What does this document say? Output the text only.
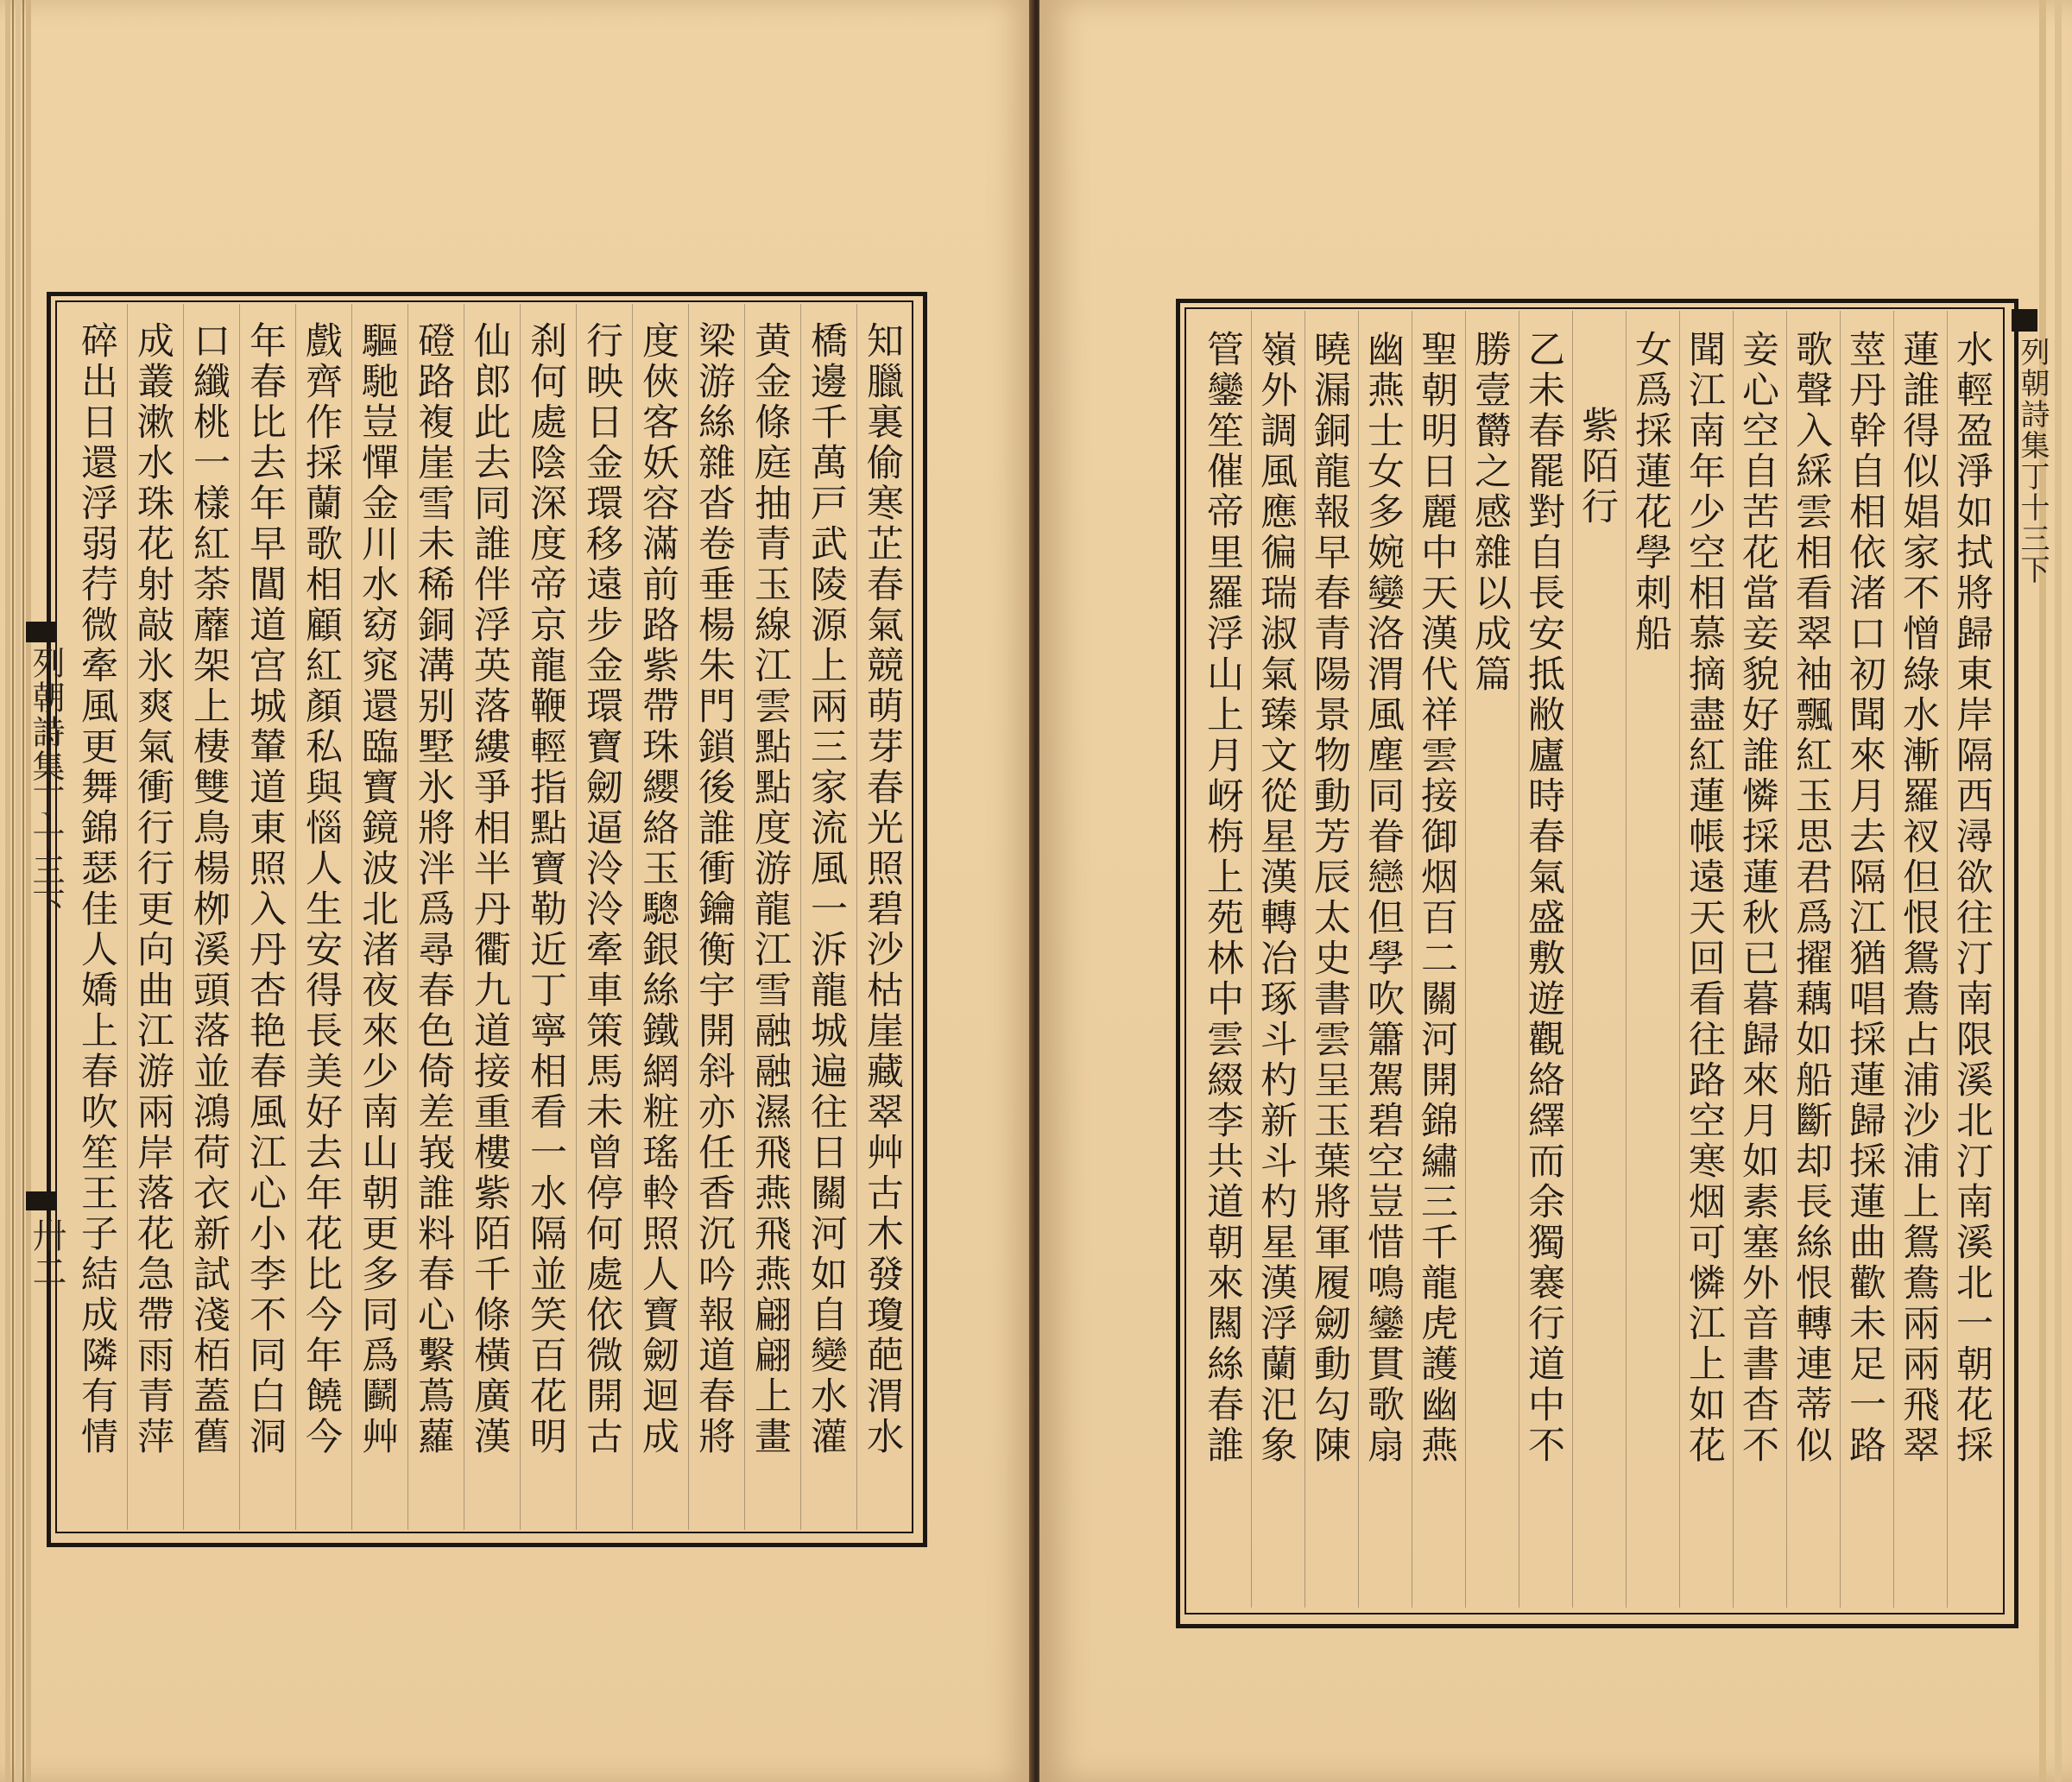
列朝詩集丁十三下
卅二 碎出日還浮弱荇微牽風更舞錦瑟佳人嬌上春吹笙王子結成隣有情 成叢漱水珠花射敲氷爽氣衝行行更向曲江游兩岸落花急帶雨青萍 口纖桃一樣紅荼蘼架上棲雙鳥楊栁溪頭落並鴻荷衣新試淺栢蓋舊 年春比去年早閶道宫城輦道東照入丹杏艳春風江心小李不同白洞 戲齊作採蘭歌相顧紅顏私與惱人生安得長美好去年花比今年饒今 驅馳豈憚金川水窈窕還臨寶鏡波北渚夜來少南山朝更多同爲鬬艸 磴路複崖雪未稀銅溝别墅氷將泮爲尋春色倚差峩誰料春心繫蔦蘿 仙郎此去同誰伴浮英落縷爭相半丹衢九道接重樓紫陌千條橫廣漢 刹何處陰深度帝京龍鞭輕指點寶勒近丁寧相看一水隔並笑百花明 行映日金環移遠步金環寶劒逼泠泠牽車策馬未曾停何處依微開古 度俠客妖容滿前路紫帶珠纓絡玉驄銀絲鐵網粧瑤軨照人寶劒迴成 梁游絲雜沓卷垂楊朱門鎖後誰衝鑰衡宇開斜亦任香沉吟報道春將 黄金條庭抽青玉線江雲點點度游龍江雪融融濕飛燕飛燕翩翩上畫 橋邊千萬戸武陵源上兩三家流風一泝龍城遍往日關河如自變水灌 知臘裏偷寒芷春氣競萌芽春光照碧沙枯崖藏翠艸古木發瓊葩渭水	列朝詩集丁十三下
管鑾笙催帝里羅浮山上月岈栴上苑林中雲綴李共道朝來闗絲春誰 嶺外調風應徧瑞淑氣臻文從星漢轉冶琢斗杓新斗杓星漢浮蘭汜象 曉漏銅龍報早春青陽景物動芳辰太史書雲呈玉葉將軍履劒動勾陳 幽燕士女多婉孌洛渭風塵同眷戀但學吹簫駕碧空豈惜鳴鑾貫歌扇 聖朝明日麗中天漢代祥雲接御烟百二關河開錦繡三千龍虎護幽燕 勝壹欝之感雜以成篇 乙未春罷對自長安抵敝廬時春氣盛敷遊觀絡繹而余獨褰行道中不 紫陌行 女爲採蓮花學刺船 聞江南年少空相慕摘盡紅蓮帳遠天回看往路空寒烟可憐江上如花 妾心空自苦花當妾貌好誰憐採蓮秋已暮歸來月如素塞外音書杳不 歌聲入綵雲相看翠袖飄紅玉思君爲擢藕如船斷却長絲恨轉連蒂似 莖丹幹自相依渚口初聞來月去隔江猶唱採蓮歸採蓮曲歡未足一路 蓮誰得似娼家不憎綠水漸羅衩但恨鴛鴦占浦沙浦上鴛鴦兩兩飛翠 水輕盈淨如拭將歸東岸隔西潯欲往汀南限溪北汀南溪北一朝花採
